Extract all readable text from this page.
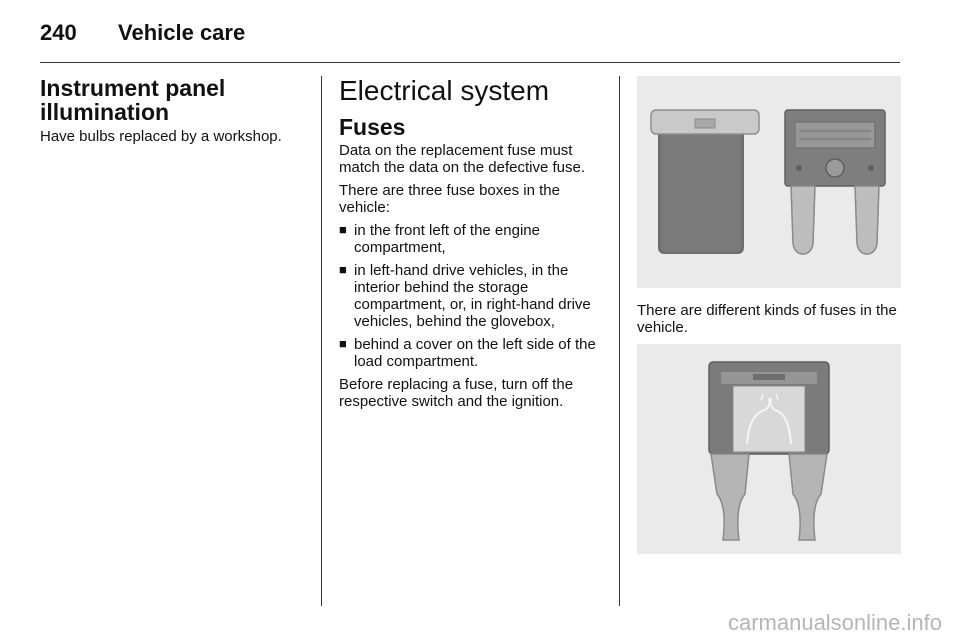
240 Vehicle care
Instrument panel illumination

Have bulbs replaced by a workshop.

Electrical system
Fuses

Data on the replacement fuse must match the data on the defective fuse.

There are three fuse boxes in the vehicle:

■ in the front left of the engine compartment,
■ in left-hand drive vehicles, in the interior behind the storage compartment, or, in right-hand drive vehicles, behind the glovebox,
■ behind a cover on the left side of the load compartment.

Before replacing a fuse, turn off the respective switch and the ignition.

There are different kinds of fuses in the vehicle.

carmanualsonline.info
